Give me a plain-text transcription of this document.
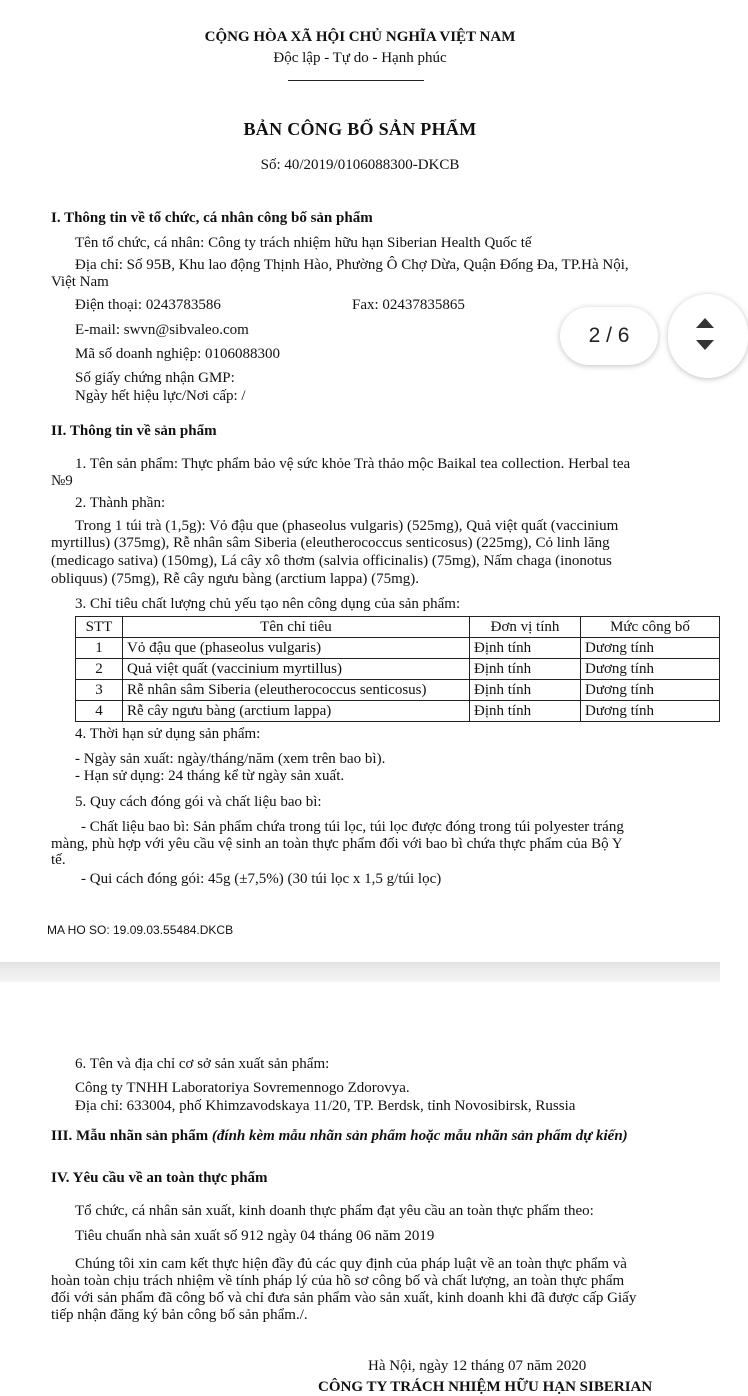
CỘNG HÒA XÃ HỘI CHỦ NGHĨA VIỆT NAM
Độc lập - Tự do - Hạnh phúc
BẢN CÔNG BỐ SẢN PHẨM
Số: 40/2019/0106088300-DKCB
I. Thông tin về tổ chức, cá nhân công bố sản phẩm
Tên tổ chức, cá nhân: Công ty trách nhiệm hữu hạn Siberian Health Quốc tế
Địa chỉ: Số 95B, Khu lao động Thịnh Hào, Phường Ô Chợ Dừa, Quận Đống Đa, TP.Hà Nội,
Việt Nam
Điện thoại: 0243783586	Fax: 02437835865
E-mail: swvn@sibvaleo.com
Mã số doanh nghiệp: 0106088300
Số giấy chứng nhận GMP:
Ngày hết hiệu lực/Nơi cấp: /
II. Thông tin về sản phẩm
1. Tên sản phẩm: Thực phẩm bảo vệ sức khỏe Trà thảo mộc Baikal tea collection. Herbal tea
№9
2. Thành phần:
Trong 1 túi trà (1,5g): Vỏ đậu que (phaseolus vulgaris) (525mg), Quả việt quất (vaccinium
myrtillus) (375mg), Rễ nhân sâm Siberia (eleutherococcus senticosus) (225mg), Cỏ linh lăng
(medicago sativa) (150mg), Lá cây xô thơm (salvia officinalis) (75mg), Nấm chaga (inonotus
obliquus) (75mg), Rễ cây ngưu bàng (arctium lappa) (75mg).
3. Chỉ tiêu chất lượng chủ yếu tạo nên công dụng của sản phẩm:
STT	Tên chỉ tiêu	Đơn vị tính	Mức công bố
1	Vỏ đậu que (phaseolus vulgaris)	Định tính	Dương tính
2	Quả việt quất (vaccinium myrtillus)	Định tính	Dương tính
3	Rễ nhân sâm Siberia (eleutherococcus senticosus)	Định tính	Dương tính
4	Rễ cây ngưu bàng (arctium lappa)	Định tính	Dương tính
4. Thời hạn sử dụng sản phẩm:
- Ngày sản xuất: ngày/tháng/năm (xem trên bao bì).
- Hạn sử dụng: 24 tháng kể từ ngày sản xuất.
5. Quy cách đóng gói và chất liệu bao bì:
- Chất liệu bao bì: Sản phẩm chứa trong túi lọc, túi lọc được đóng trong túi polyester tráng
màng, phù hợp với yêu cầu vệ sinh an toàn thực phẩm đối với bao bì chứa thực phẩm của Bộ Y
tế.
- Qui cách đóng gói: 45g (±7,5%) (30 túi lọc x 1,5 g/túi lọc)
MA HO SO: 19.09.03.55484.DKCB
6. Tên và địa chỉ cơ sở sản xuất sản phẩm:
Công ty TNHH Laboratoriya Sovremennogo Zdorovya.
Địa chỉ: 633004, phố Khimzavodskaya 11/20, TP. Berdsk, tỉnh Novosibirsk, Russia
III. Mẫu nhãn sản phẩm (đính kèm mẫu nhãn sản phẩm hoặc mẫu nhãn sản phẩm dự kiến)
IV. Yêu cầu về an toàn thực phẩm
Tổ chức, cá nhân sản xuất, kinh doanh thực phẩm đạt yêu cầu an toàn thực phẩm theo:
Tiêu chuẩn nhà sản xuất số 912 ngày 04 tháng 06 năm 2019
Chúng tôi xin cam kết thực hiện đầy đủ các quy định của pháp luật về an toàn thực phẩm và
hoàn toàn chịu trách nhiệm về tính pháp lý của hồ sơ công bố và chất lượng, an toàn thực phẩm
đối với sản phẩm đã công bố và chỉ đưa sản phẩm vào sản xuất, kinh doanh khi đã được cấp Giấy
tiếp nhận đăng ký bản công bố sản phẩm./.
Hà Nội, ngày 12 tháng 07 năm 2020
CÔNG TY TRÁCH NHIỆM HỮU HẠN SIBERIAN
2 / 6
